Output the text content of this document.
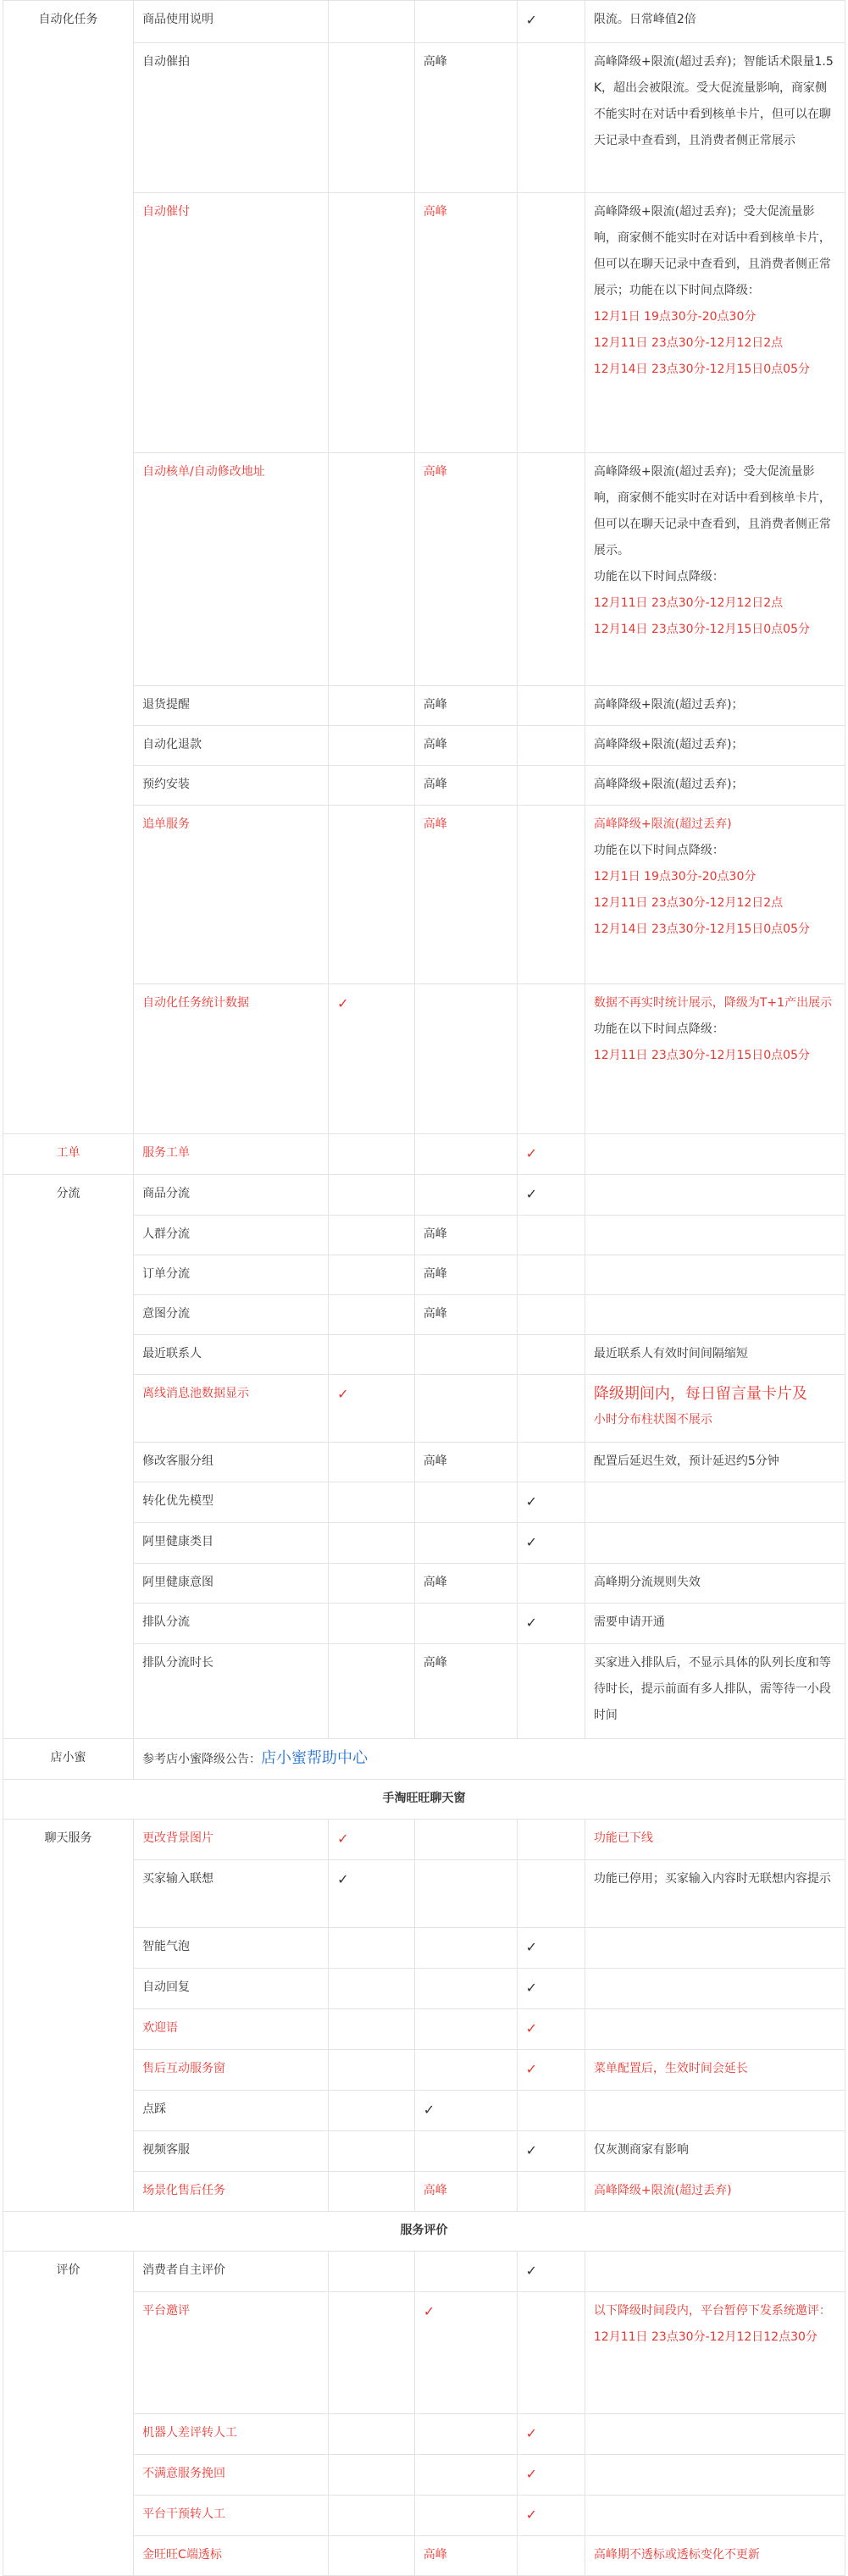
自动化任务	商品使用说明			✓	限流。日常峰值2倍
	自动催拍		高峰		高峰降级+限流(超过丢弃)；智能话术限量1.5K，超出会被限流。受大促流量影响，商家侧不能实时在对话中看到核单卡片，但可以在聊天记录中查看到，且消费者侧正常展示
	自动催付		高峰		高峰降级+限流(超过丢弃)；受大促流量影响，商家侧不能实时在对话中看到核单卡片，但可以在聊天记录中查看到，且消费者侧正常展示；功能在以下时间点降级：
12月1日 19点30分-20点30分
12月11日 23点30分-12月12日2点
12月14日 23点30分-12月15日0点05分

	自动核单/自动修改地址		高峰		高峰降级+限流(超过丢弃)；受大促流量影响，商家侧不能实时在对话中看到核单卡片，但可以在聊天记录中查看到，且消费者侧正常展示。
功能在以下时间点降级：
12月11日 23点30分-12月12日2点
12月14日 23点30分-12月15日0点05分

	退货提醒		高峰		高峰降级+限流(超过丢弃)；
	自动化退款		高峰		高峰降级+限流(超过丢弃)；
	预约安装		高峰		高峰降级+限流(超过丢弃)；
	追单服务		高峰		高峰降级+限流(超过丢弃)
功能在以下时间点降级：
12月1日 19点30分-20点30分
12月11日 23点30分-12月12日2点
12月14日 23点30分-12月15日0点05分

	自动化任务统计数据	✓			数据不再实时统计展示，降级为T+1产出展示
功能在以下时间点降级：
12月11日 23点30分-12月15日0点05分

工单	服务工单			✓	
分流	商品分流			✓	
	人群分流		高峰		
	订单分流		高峰		
	意图分流		高峰		
	最近联系人				最近联系人有效时间间隔缩短
	离线消息池数据显示	✓			降级期间内，每日留言量卡片及
小时分布柱状图不展示

	修改客服分组		高峰		配置后延迟生效，预计延迟约5分钟
	转化优先模型			✓	
	阿里健康类目			✓	
	阿里健康意图		高峰		高峰期分流规则失效
	排队分流			✓	需要申请开通
	排队分流时长		高峰		买家进入排队后，不显示具体的队列长度和等待时长，提示前面有多人排队，需等待一小段时间
店小蜜	参考店小蜜降级公告：店小蜜帮助中心				
手淘旺旺聊天窗					
聊天服务	更改背景图片	✓			功能已下线
	买家输入联想	✓			功能已停用；买家输入内容时无联想内容提示
	智能气泡			✓	
	自动回复			✓	
	欢迎语			✓	
	售后互动服务窗			✓	菜单配置后，生效时间会延长
	点踩		✓		
	视频客服			✓	仅灰测商家有影响
	场景化售后任务		高峰		高峰降级+限流(超过丢弃)
服务评价					
评价	消费者自主评价			✓	
	平台邀评		✓		以下降级时间段内，平台暂停下发系统邀评：
12月11日 23点30分-12月12日12点30分

	机器人差评转人工			✓	
	不满意服务挽回			✓	
	平台干预转人工			✓	
	金旺旺C端透标		高峰		高峰期不透标或透标变化不更新
